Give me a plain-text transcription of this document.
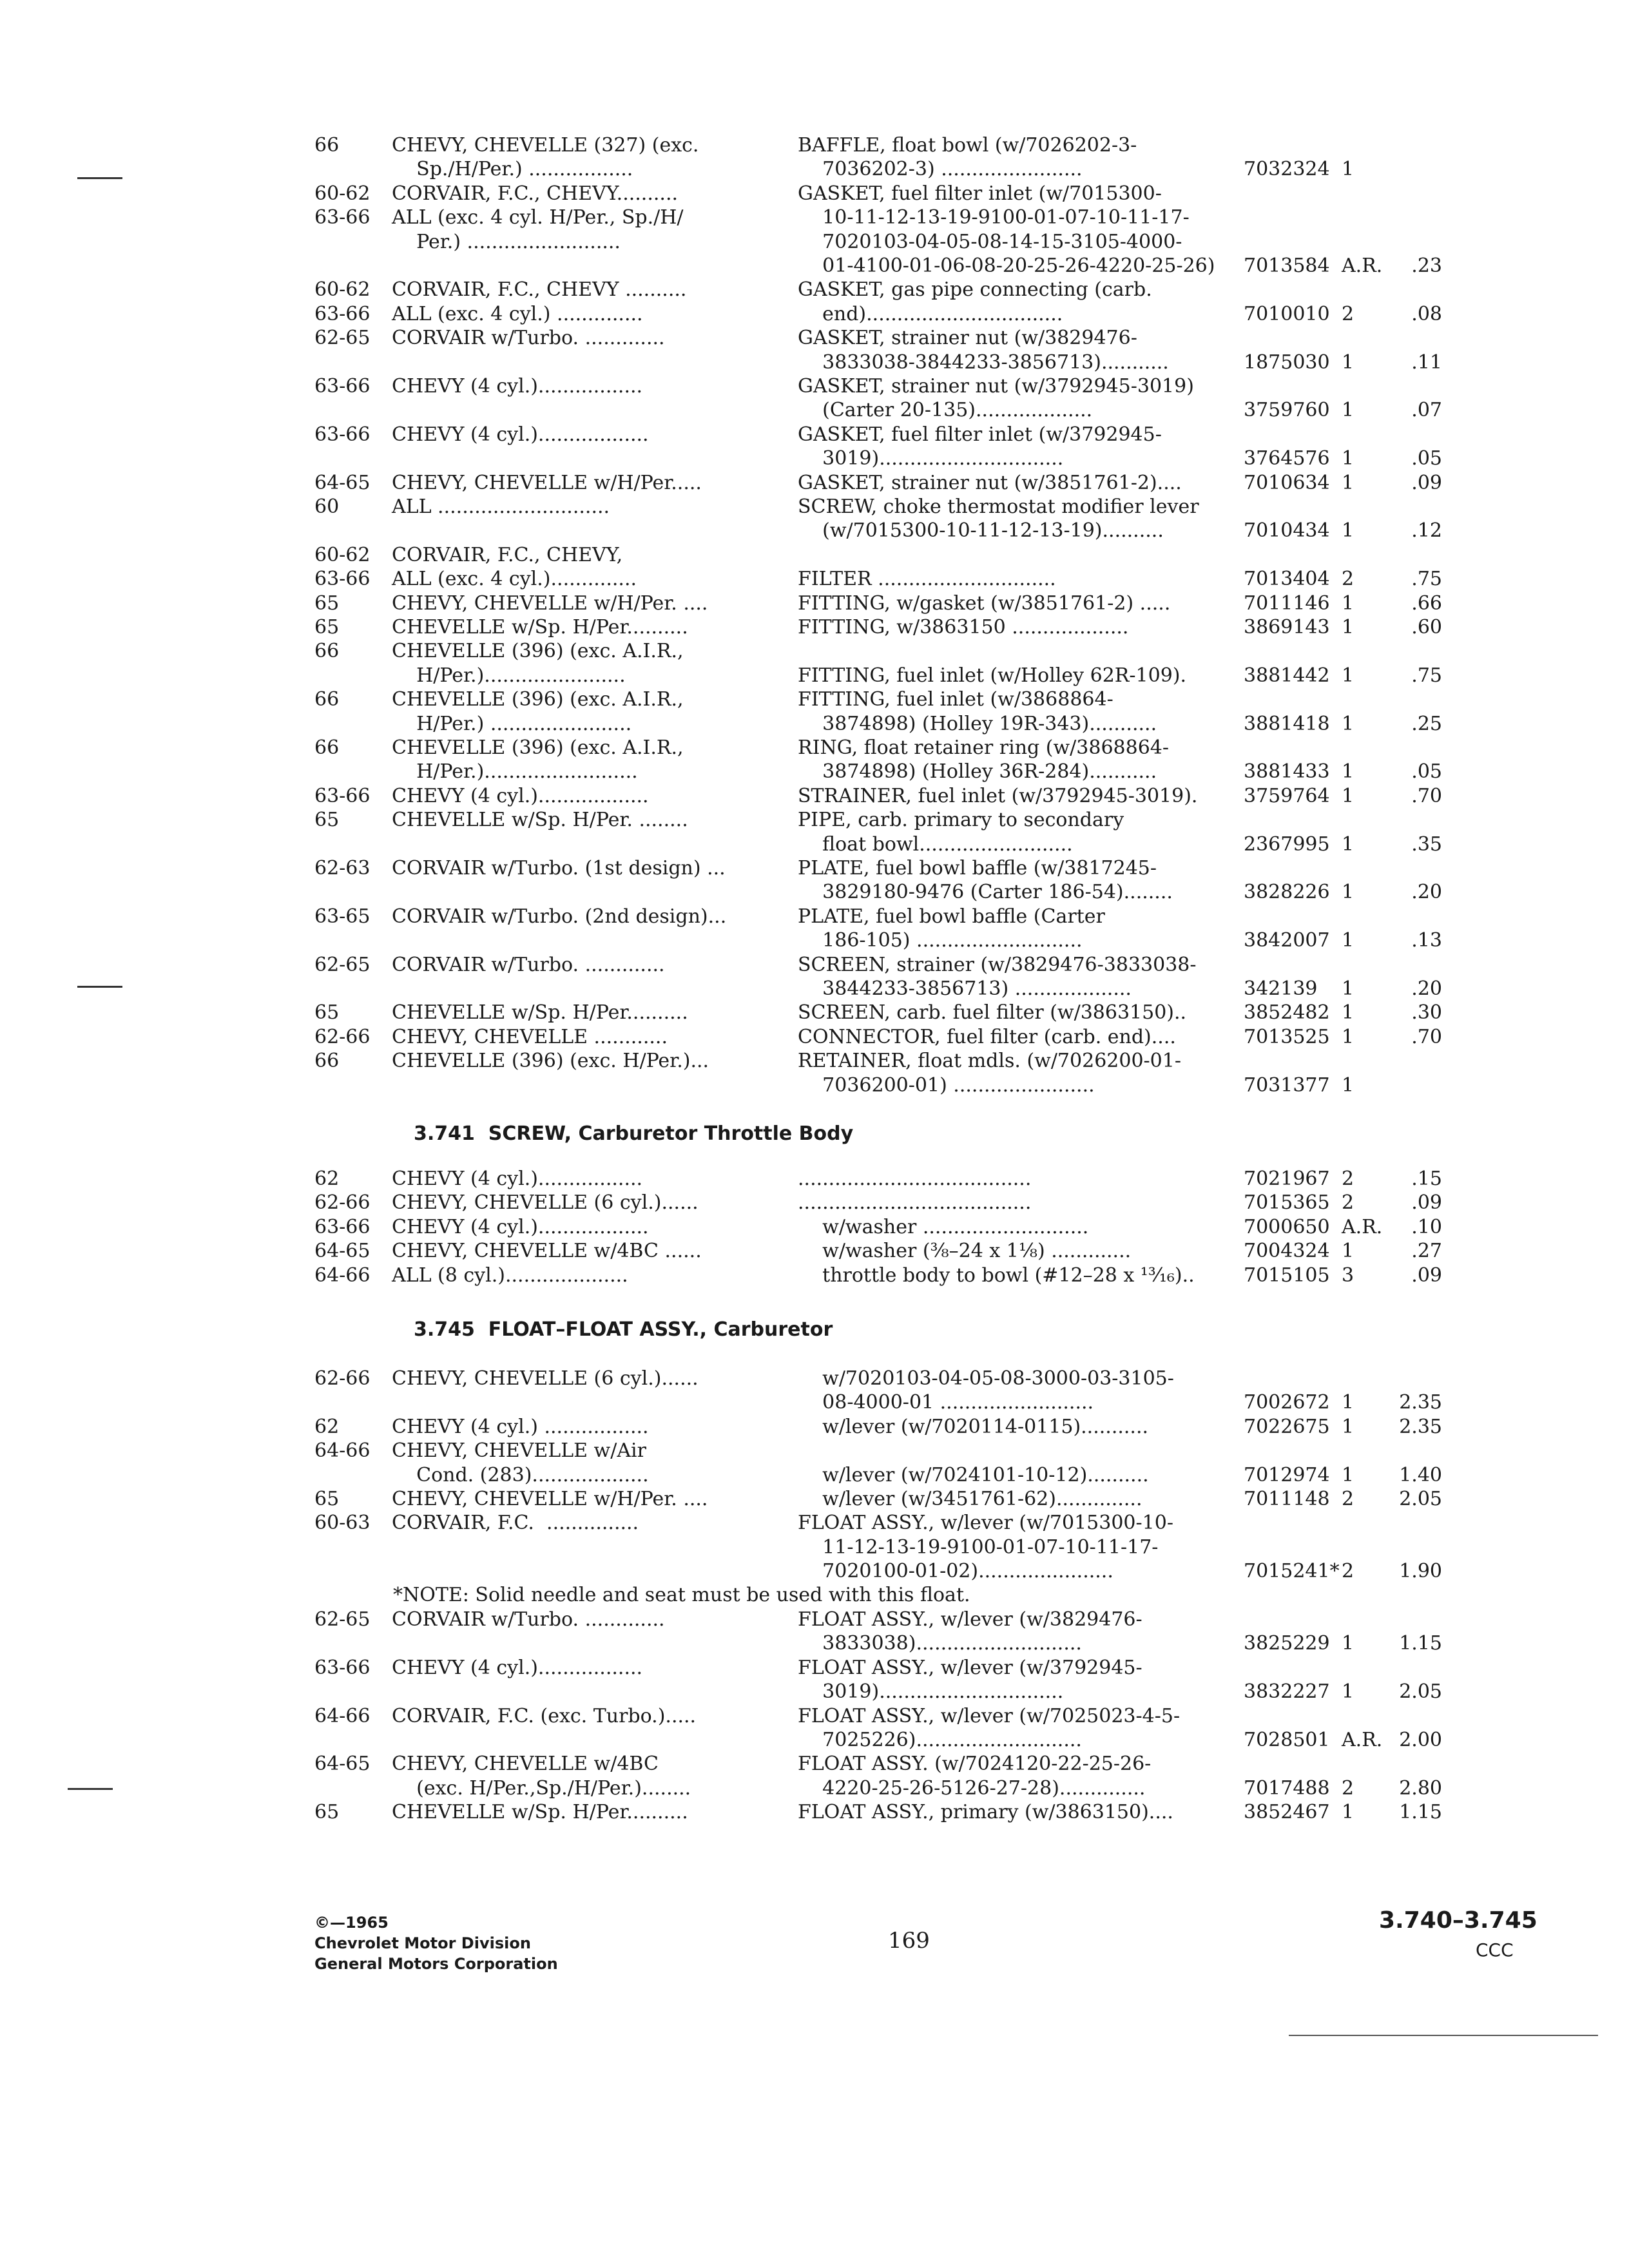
66	CHEVY, CHEVELLE (327) (exc.	BAFFLE, float bowl (w/7026202-3-
Sp./H/Per.) .................	7036202-3) .......................	7032324 1
60-62 CORVAIR, F.C., CHEVY..........	GASKET, fuel filter inlet (w/7015300-
63-66 ALL (exc. 4 cyl. H/Per., Sp./H/	10-11-12-13-19-9100-01-07-10-11-17-
Per.) .........................	7020103-04-05-08-14-15-3105-4000-
01-4100-01-06-08-20-25-26-4220-25-26) 7013584 A.R.	.23
60-62 CORVAIR, F.C., CHEVY ..........	GASKET, gas pipe connecting (carb.
63-66 ALL (exc. 4 cyl.) ..............	end)................................	7010010 2	.08
62-65 CORVAIR w/Turbo. .............	GASKET, strainer nut (w/3829476-
3833038-3844233-3856713)...........	1875030 1	.11
63-66 CHEVY (4 cyl.).................	GASKET, strainer nut (w/3792945-3019)
(Carter 20-135)...................	3759760 1	.07
63-66 CHEVY (4 cyl.)..................	GASKET, fuel filter inlet (w/3792945-
3019)..............................	3764576 1	.05
64-65 CHEVY, CHEVELLE w/H/Per.....	GASKET, strainer nut (w/3851761-2)....	7010634 1	.09
60	ALL ............................	SCREW, choke thermostat modifier lever
(w/7015300-10-11-12-13-19)..........	7010434 1	.12
60-62 CORVAIR, F.C., CHEVY,
63-66 ALL (exc. 4 cyl.)..............	FILTER .............................	7013404 2	.75
65	CHEVY, CHEVELLE w/H/Per. ....	FITTING, w/gasket (w/3851761-2) .....	7011146 1	.66
65	CHEVELLE w/Sp. H/Per..........	FITTING, w/3863150 ...................	3869143 1	.60
66	CHEVELLE (396) (exc. A.I.R.,
H/Per.).......................	FITTING, fuel inlet (w/Holley 62R-109).	3881442 1	.75
66	CHEVELLE (396) (exc. A.I.R.,	FITTING, fuel inlet (w/3868864-
H/Per.) .......................	3874898) (Holley 19R-343)...........	3881418 1	.25
66	CHEVELLE (396) (exc. A.I.R.,	RING, float retainer ring (w/3868864-
H/Per.).........................	3874898) (Holley 36R-284)...........	3881433 1	.05
63-66 CHEVY (4 cyl.)..................	STRAINER, fuel inlet (w/3792945-3019). 3759764 1	.70
65	CHEVELLE w/Sp. H/Per. ........	PIPE, carb. primary to secondary
float bowl.........................	2367995 1	.35
62-63 CORVAIR w/Turbo. (1st design) ...	PLATE, fuel bowl baffle (w/3817245-
3829180-9476 (Carter 186-54)........	3828226 1	.20
63-65 CORVAIR w/Turbo. (2nd design)...	PLATE, fuel bowl baffle (Carter
186-105) ...........................	3842007 1	.13
62-65 CORVAIR w/Turbo. .............	SCREEN, strainer (w/3829476-3833038-
3844233-3856713) ...................	342139 1	.20
65	CHEVELLE w/Sp. H/Per..........	SCREEN, carb. fuel filter (w/3863150)..	3852482 1	.30
62-66 CHEVY, CHEVELLE ............	CONNECTOR, fuel filter (carb. end)....	7013525 1	.70
66	CHEVELLE (396) (exc. H/Per.)...	RETAINER, float mdls. (w/7026200-01-
7036200-01) .......................	7031377 1
3.741  SCREW, Carburetor Throttle Body
62	CHEVY (4 cyl.).................	......................................	7021967 2	.15
62-66 CHEVY, CHEVELLE (6 cyl.)......	......................................	7015365 2	.09
63-66 CHEVY (4 cyl.)..................	w/washer ...........................	7000650 A.R.	.10
64-65 CHEVY, CHEVELLE w/4BC ......	w/washer (⅜–24 x 1⅛) .............	7004324 1	.27
64-66 ALL (8 cyl.)....................	throttle body to bowl (#12–28 x ¹³⁄₁₆)..	7015105 3	.09
3.745  FLOAT–FLOAT ASSY., Carburetor
62-66 CHEVY, CHEVELLE (6 cyl.)......	w/7020103-04-05-08-3000-03-3105-
08-4000-01 .........................	7002672 1	2.35
62	CHEVY (4 cyl.) .................	w/lever (w/7020114-0115)...........	7022675 1	2.35
64-66 CHEVY, CHEVELLE w/Air
Cond. (283)...................	w/lever (w/7024101-10-12)..........	7012974 1	1.40
65	CHEVY, CHEVELLE w/H/Per. ....	w/lever (w/3451761-62)..............	7011148 2	2.05
60-63 CORVAIR, F.C.  ...............	FLOAT ASSY., w/lever (w/7015300-10-
11-12-13-19-9100-01-07-10-11-17-
7020100-01-02)......................	7015241* 2	1.90
*NOTE: Solid needle and seat must be used with this float.
62-65 CORVAIR w/Turbo. .............	FLOAT ASSY., w/lever (w/3829476-
3833038)...........................	3825229 1	1.15
63-66 CHEVY (4 cyl.).................	FLOAT ASSY., w/lever (w/3792945-
3019)..............................	3832227 1	2.05
64-66 CORVAIR, F.C. (exc. Turbo.).....	FLOAT ASSY., w/lever (w/7025023-4-5-
7025226)...........................	7028501 A.R. 2.00
64-65 CHEVY, CHEVELLE w/4BC	FLOAT ASSY. (w/7024120-22-25-26-
(exc. H/Per.,Sp./H/Per.)........	4220-25-26-5126-27-28)..............	7017488 2	2.80
65	CHEVELLE w/Sp. H/Per..........	FLOAT ASSY., primary (w/3863150)....	3852467 1	1.15
©—1965
Chevrolet Motor Division
General Motors Corporation
169
3.740–3.745
CCC
